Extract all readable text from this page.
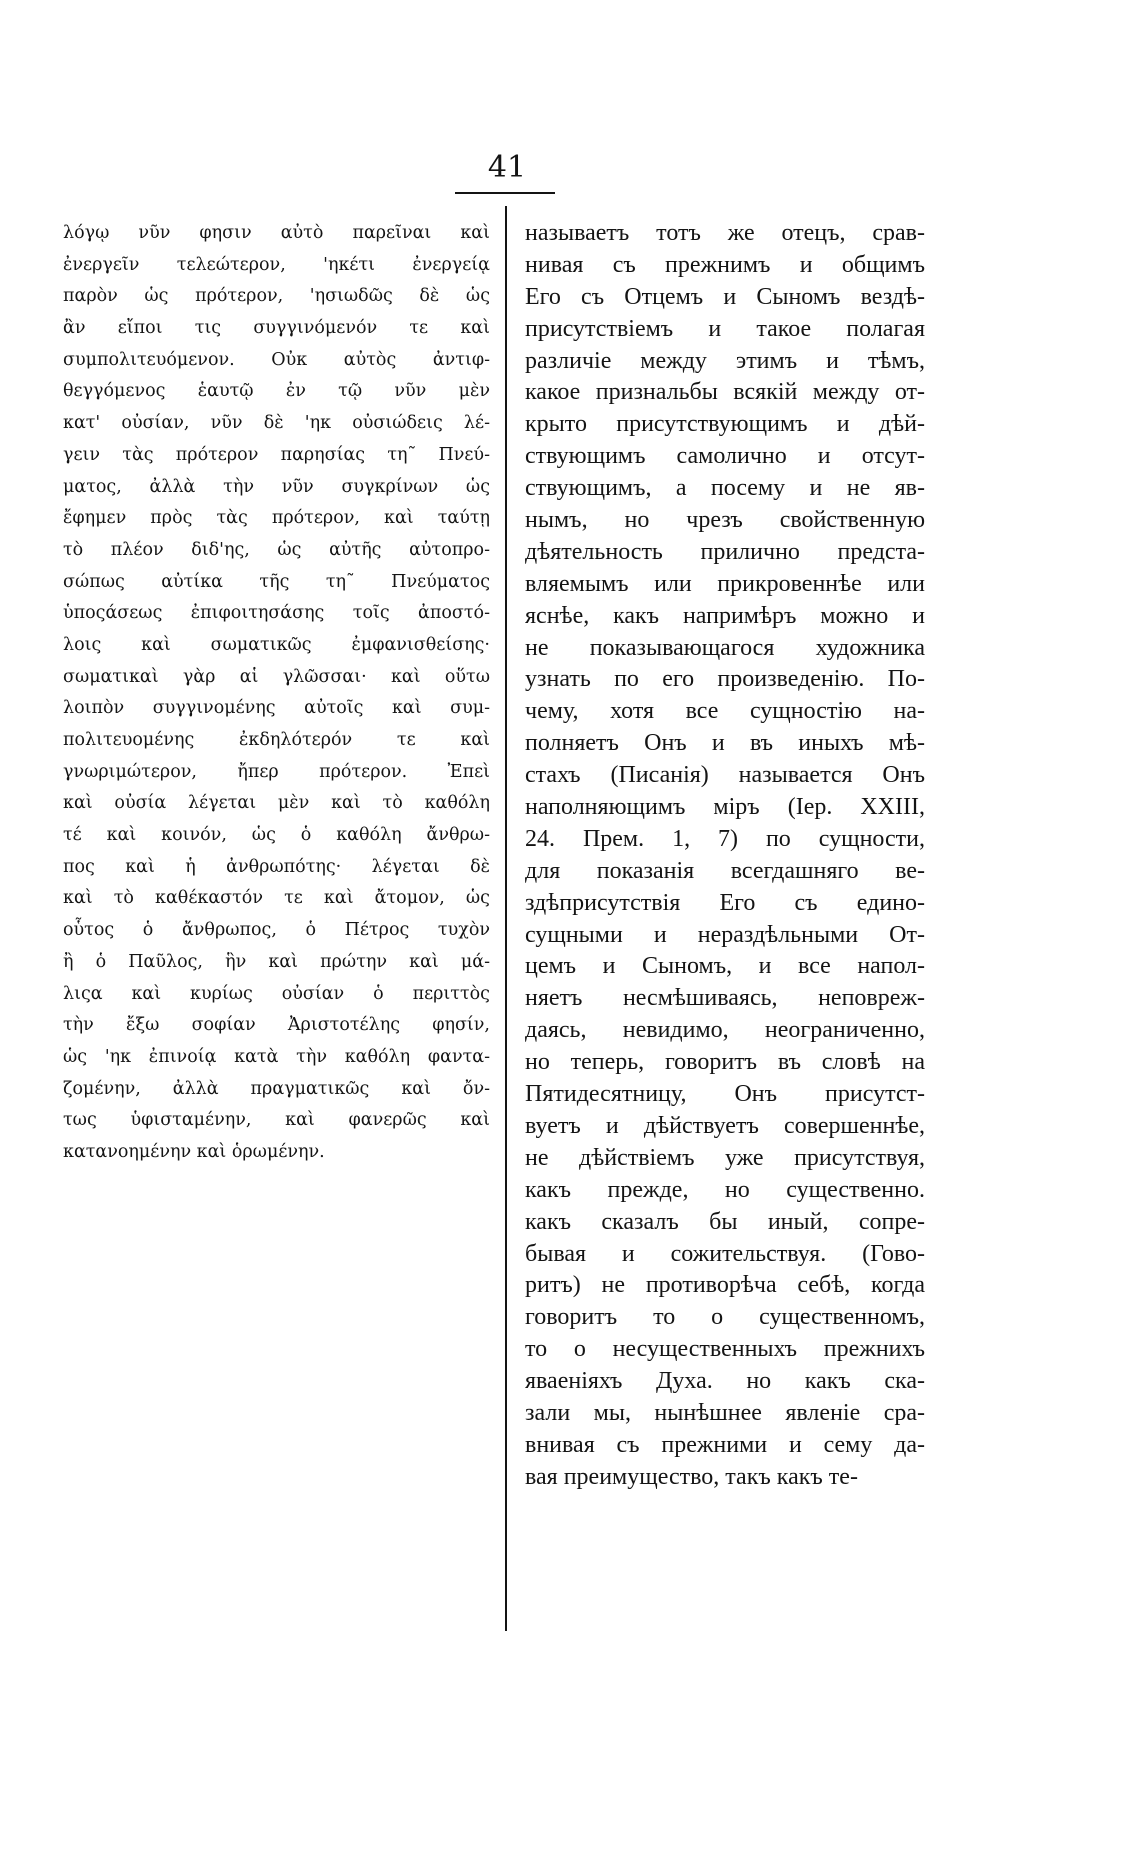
41
λόγῳ νῦν φησιν αὐτὸ παρεῖναι καὶ
ἐνεργεῖν τελεώτερον, 'ηκέτι ἐνεργείᾳ
παρὸν ὡς πρότερον, 'ησιωδῶς δὲ ὡς
ἂν εἴποι τις συγγινόμενόν τε καὶ
συμπολιτευόμενον. Οὐκ αὐτὸς ἀντιφ-
θεγγόμενος ἑαυτῷ ἐν τῷ νῦν μὲν
κατ' οὐσίαν, νῦν δὲ 'ηκ οὐσιώδεις λέ-
γειν τὰς πρότερον παρησίας τη῀ Πνεύ-
ματος, ἀλλὰ τὴν νῦν συγκρίνων ὡς
ἔφημεν πρὸς τὰς πρότερον, καὶ ταύτῃ
τὸ πλέον διδ'ης, ὡς αὐτῆς αὐτοπρο-
σώπως αὐτίκα τῆς τη῀ Πνεύματος
ὑποςάσεως ἐπιφοιτησάσης τοῖς ἀποστό-
λοις καὶ σωματικῶς ἐμφανισθείσης·
σωματικαὶ γὰρ αἱ γλῶσσαι· καὶ οὕτω
λοιπὸν συγγινομένης αὐτοῖς καὶ συμ-
πολιτευομένης ἐκδηλότερόν τε καὶ
γνωριμώτερον, ἤπερ πρότερον. Ἐπεὶ
καὶ οὐσία λέγεται μὲν καὶ τὸ καθόλη
τέ καὶ κοινόν, ὡς ὁ καθόλη ἄνθρω-
πος καὶ ἡ ἀνθρωπότης· λέγεται δὲ
καὶ τὸ καθέκαστόν τε καὶ ἄτομον, ὡς
οὗτος ὁ ἄνθρωπος, ὁ Πέτρος τυχὸν
ἢ ὁ Παῦλος, ἣν καὶ πρώτην καὶ μά-
λιςα καὶ κυρίως οὐσίαν ὁ περιττὸς
τὴν ἔξω σοφίαν Ἀριστοτέλης φησίν,
ὡς 'ηκ ἐπινοίᾳ κατὰ τὴν καθόλη φαντα-
ζομένην, ἀλλὰ πραγματικῶς καὶ ὄν-
τως ὑφισταμένην, καὶ φανερῶς καὶ
κατανοημένην καὶ ὁρωμένην.
называетъ тотъ же отецъ, срав-
нивая съ прежнимъ и общимъ
Его съ Отцемъ и Сыномъ вездѣ-
присутствіемъ и такое полагая
различіе между этимъ и тѣмъ,
какое признальбы всякій между от-
крыто присутствующимъ и дѣй-
ствующимъ самолично и отсут-
ствующимъ, а посему и не яв-
нымъ, но чрезъ свойственную
дѣятельность прилично предста-
вляемымъ или прикровеннѣе или
яснѣе, какъ напримѣръ можно и
не показывающагося художника
узнать по его произведенію. По-
чему, хотя все сущностію на-
полняетъ Онъ и въ иныхъ мѣ-
стахъ (Писанія) называется Онъ
наполняющимъ міръ (Іер. XXIII,
24. Прем. 1, 7) по сущности,
для показанія всегдашняго ве-
здѣприсутствія Его съ едино-
сущными и нераздѣльными От-
цемъ и Сыномъ, и все напол-
няетъ несмѣшиваясь, неповреж-
даясь, невидимо, неограниченно,
но теперь, говоритъ въ словѣ на
Пятидесятницу, Онъ присутст-
вуетъ и дѣйствуетъ совершеннѣе,
не дѣйствіемъ уже присутствуя,
какъ прежде, но существенно.
какъ сказалъ бы иный, сопре-
бывая и сожительствуя. (Гово-
ритъ) не противорѣча себѣ, когда
говоритъ то о существенномъ,
то о несущественныхъ прежнихъ
яваеніяхъ Духа. но какъ ска-
зали мы, нынѣшнее явленіе сра-
внивая съ прежними и сему да-
вая преимущество, такъ какъ те-
